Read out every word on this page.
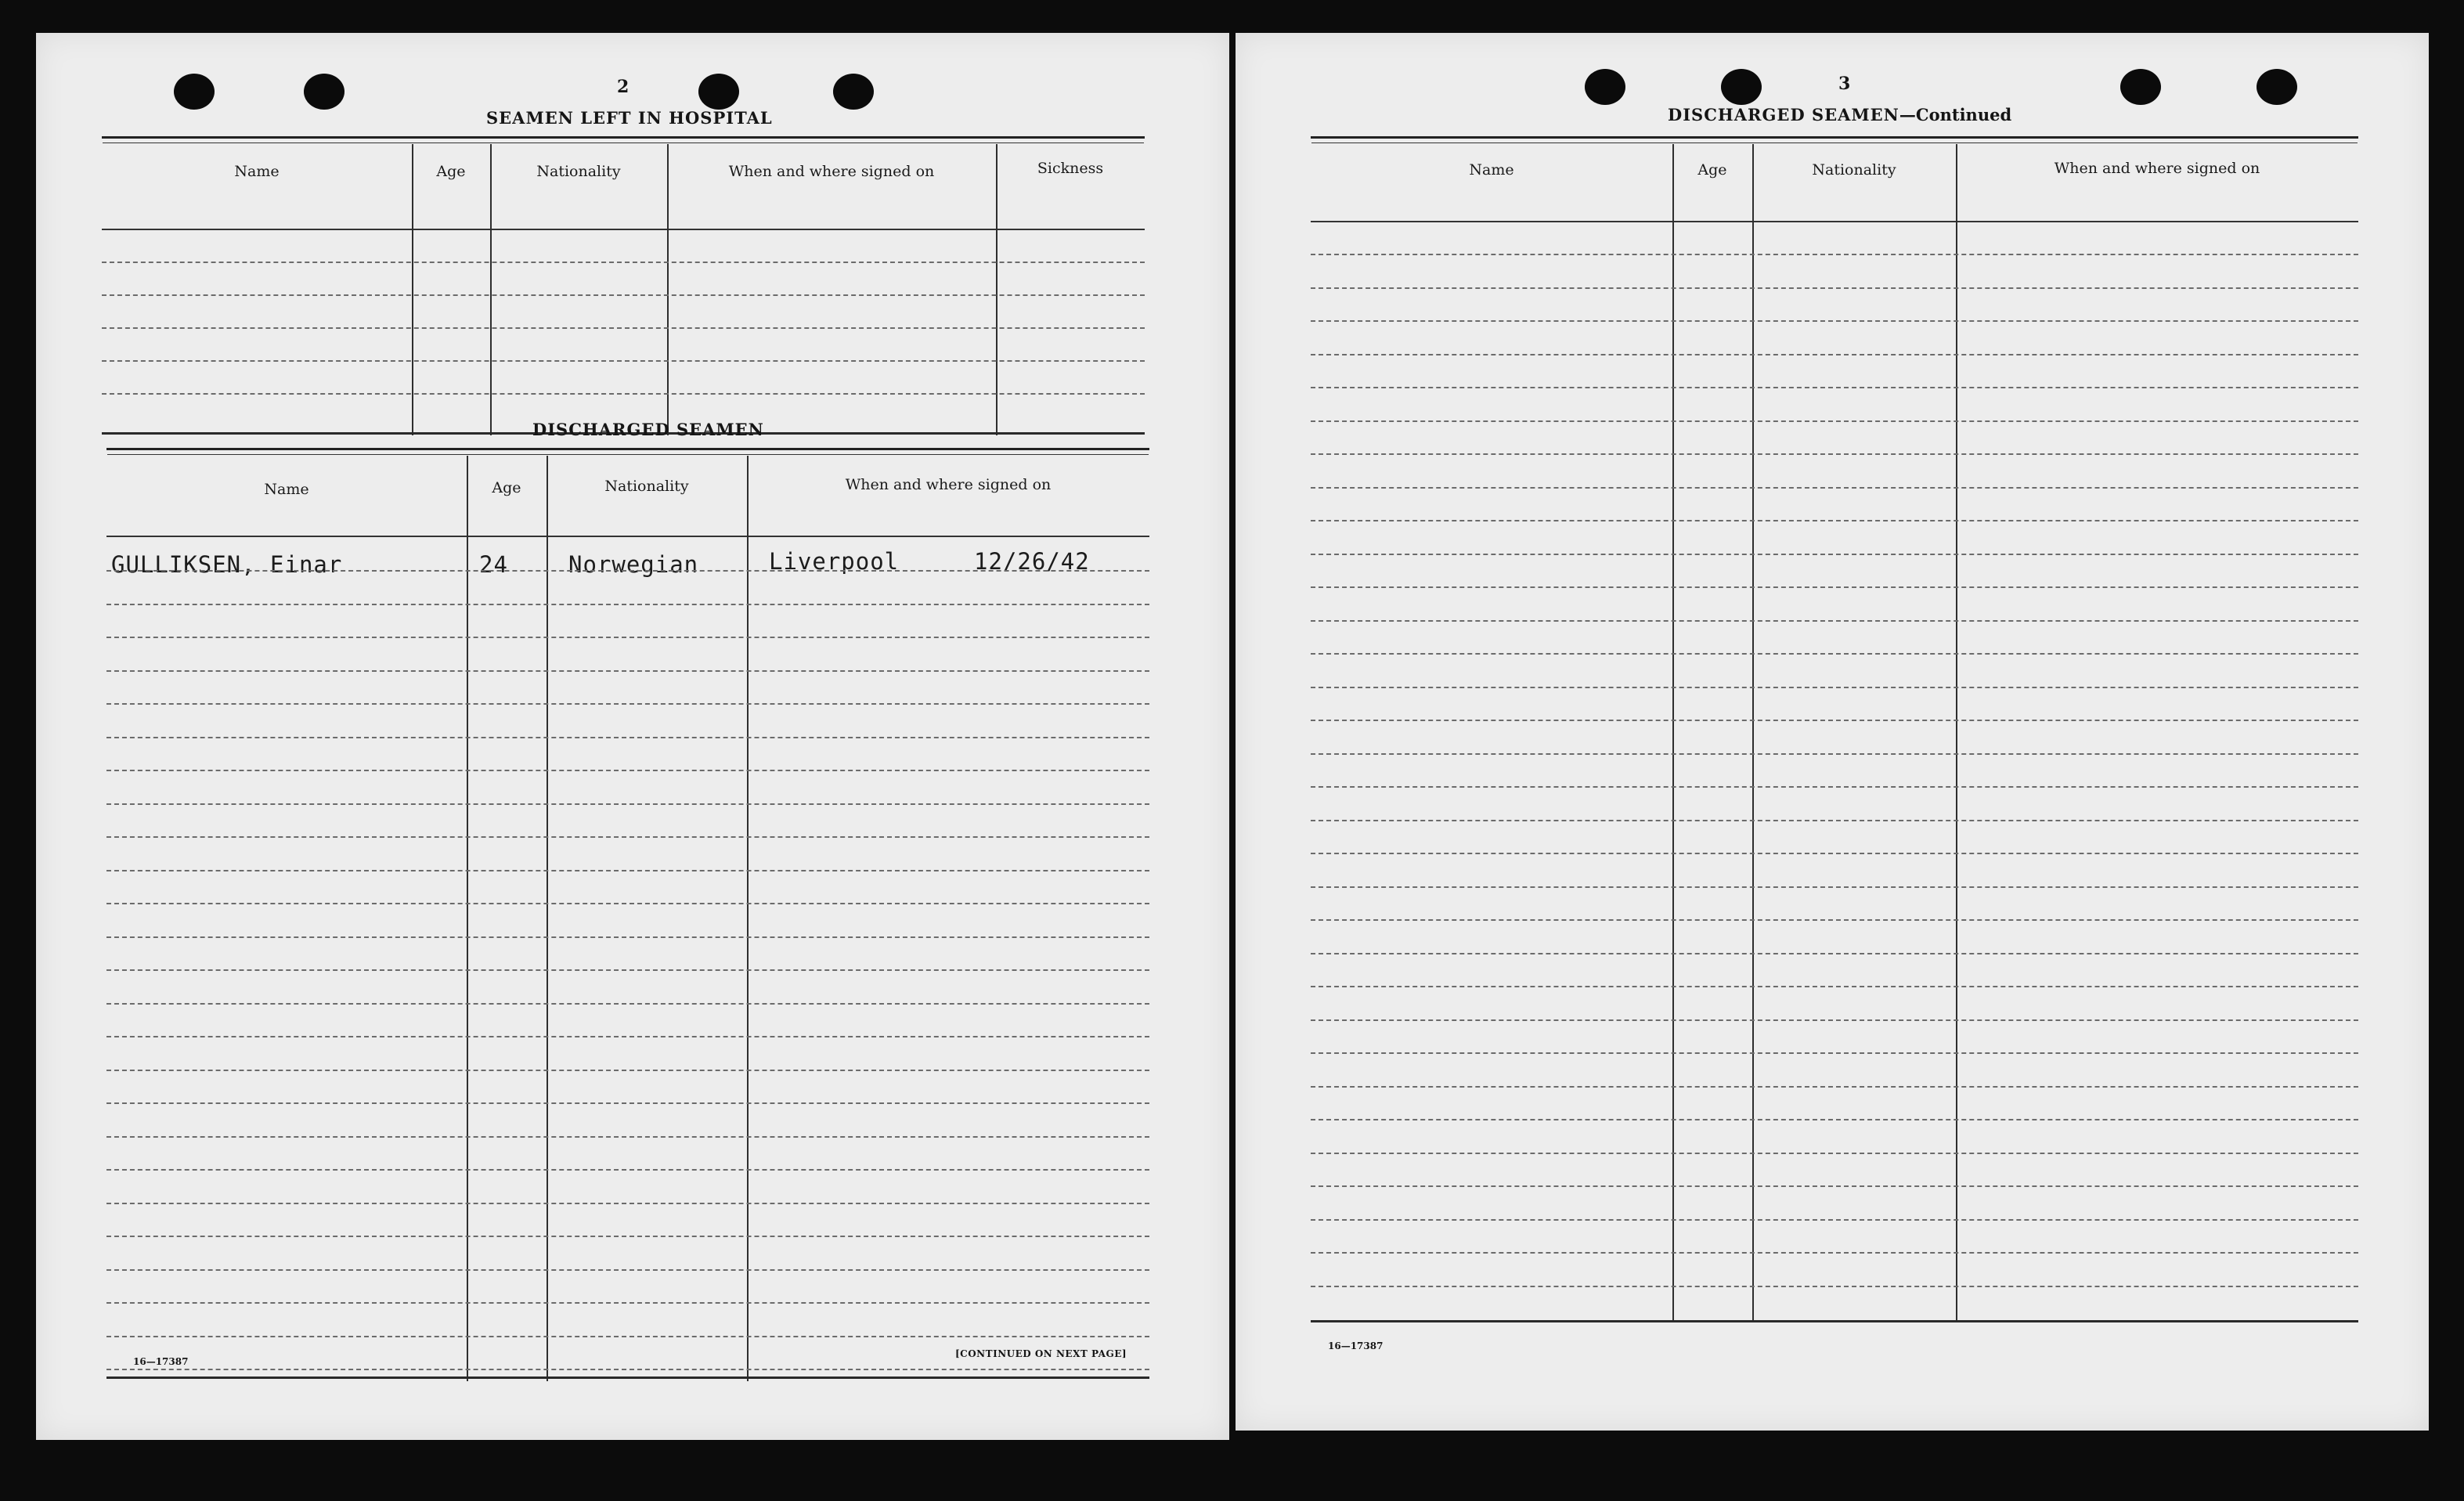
2
SEAMEN LEFT IN HOSPITAL
Name	Age	Nationality	When and where signed on	Sickness
DISCHARGED SEAMEN
Name	Age	Nationality	When and where signed on
GULLIKSEN, Einar	24	Norwegian	Liverpool	12/26/42
16—17387
[CONTINUED ON NEXT PAGE]
3
DISCHARGED SEAMEN—Continued
Name	Age	Nationality	When and where signed on
16—17387
